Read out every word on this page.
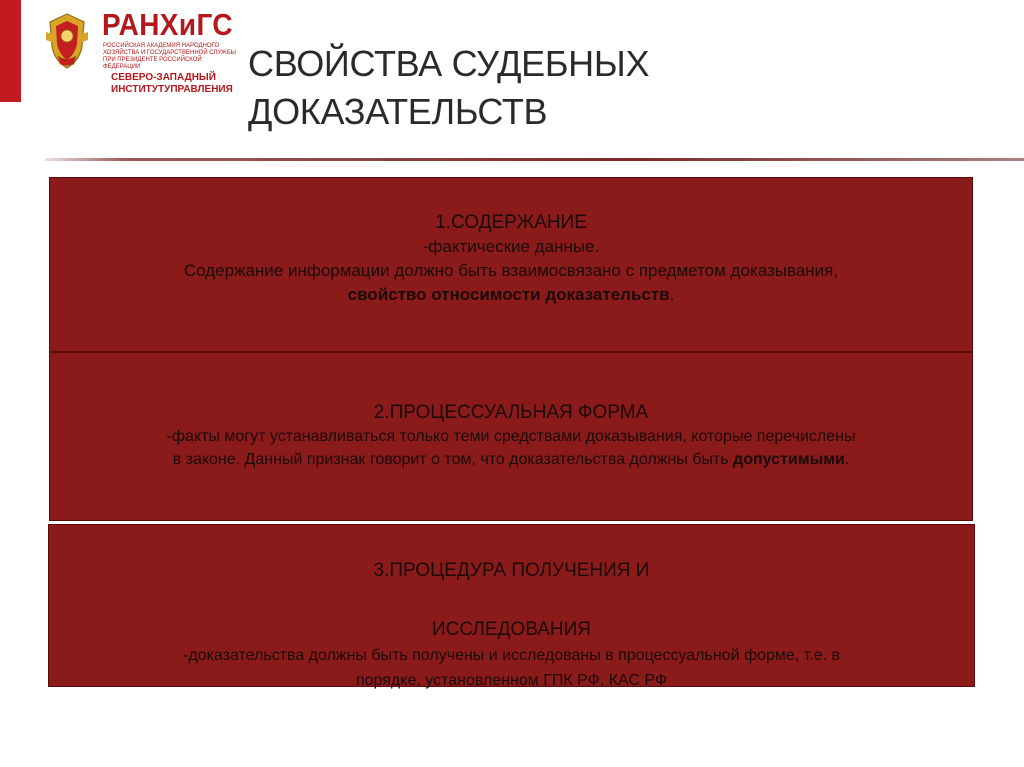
РАНХиГС
РОССИЙСКАЯ АКАДЕМИЯ НАРОДНОГО ХОЗЯЙСТВА И ГОСУДАРСТВЕННОЙ СЛУЖБЫ ПРИ ПРЕЗИДЕНТЕ РОССИЙСКОЙ ФЕДЕРАЦИИ
СЕВЕРО-ЗАПАДНЫЙ
ИНСТИТУТУПРАВЛЕНИЯ
СВОЙСТВА СУДЕБНЫХ
ДОКАЗАТЕЛЬСТВ
1.СОДЕРЖАНИЕ
-фактические данные.
Содержание информации должно быть взаимосвязано с предметом доказывания,
свойство относимости доказательств.
2.ПРОЦЕССУАЛЬНАЯ ФОРМА
-факты могут устанавливаться только теми средствами доказывания, которые перечислены
в законе. Данный признак говорит о том, что доказательства должны быть допустимыми.
3.ПРОЦЕДУРА ПОЛУЧЕНИЯ И
ИССЛЕДОВАНИЯ
-доказательства должны быть получены и исследованы в процессуальной форме, т.е. в
порядке, установленном ГПК РФ, КАС РФ
